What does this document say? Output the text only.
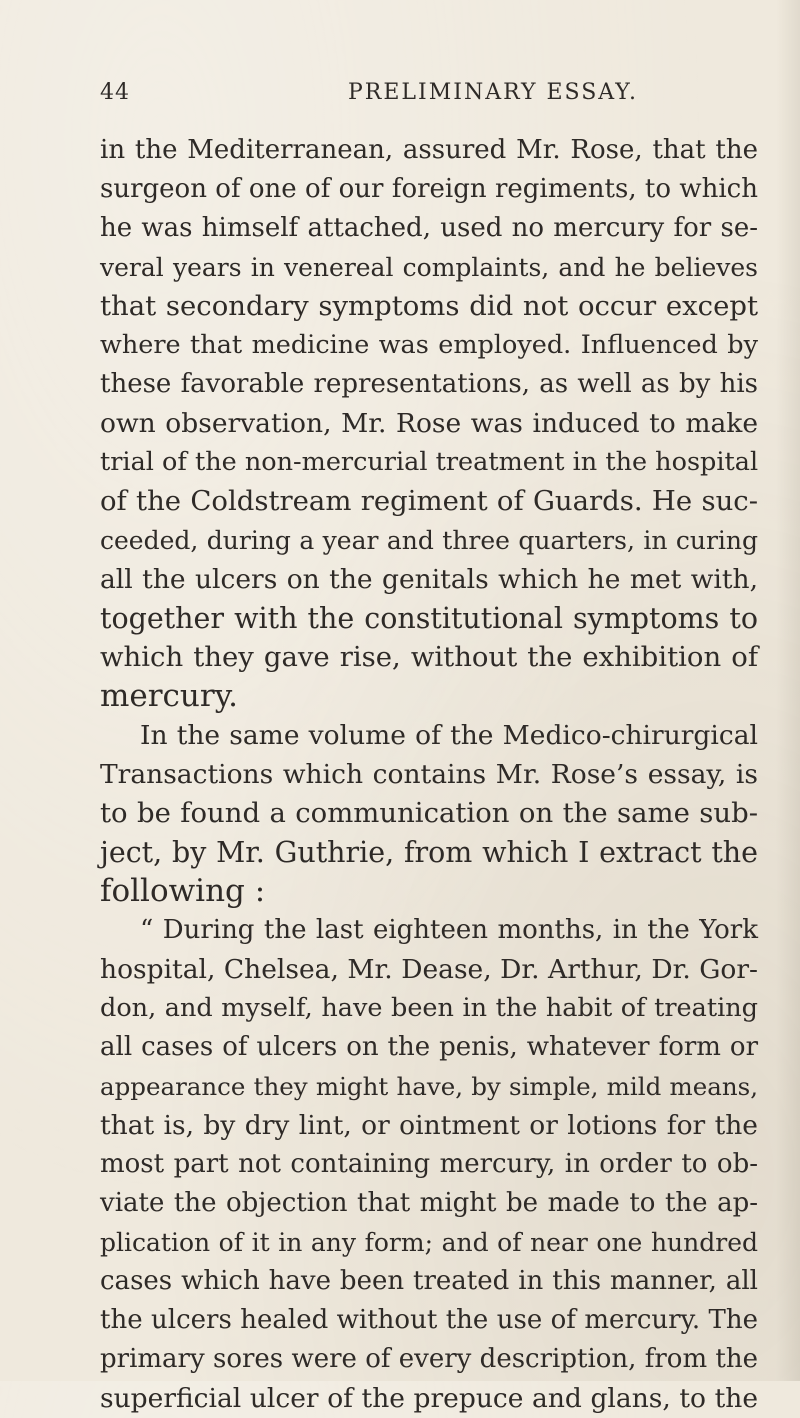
44	PRELIMINARY ESSAY.
in the Mediterranean, assured Mr. Rose, that the
surgeon of one of our foreign regiments, to which
he was himself attached, used no mercury for se-
veral years in venereal complaints, and he believes
that secondary symptoms did not occur except
where that medicine was employed. Influenced by
these favorable representations, as well as by his
own observation, Mr. Rose was induced to make
trial of the non-mercurial treatment in the hospital
of the Coldstream regiment of Guards. He suc-
ceeded, during a year and three quarters, in curing
all the ulcers on the genitals which he met with,
together with the constitutional symptoms to
which they gave rise, without the exhibition of
mercury.
In the same volume of the Medico-chirurgical
Transactions which contains Mr. Rose’s essay, is
to be found a communication on the same sub-
ject, by Mr. Guthrie, from which I extract the
following :
“ During the last eighteen months, in the York
hospital, Chelsea, Mr. Dease, Dr. Arthur, Dr. Gor-
don, and myself, have been in the habit of treating
all cases of ulcers on the penis, whatever form or
appearance they might have, by simple, mild means,
that is, by dry lint, or ointment or lotions for the
most part not containing mercury, in order to ob-
viate the objection that might be made to the ap-
plication of it in any form; and of near one hundred
cases which have been treated in this manner, all
the ulcers healed without the use of mercury. The
primary sores were of every description, from the
superficial ulcer of the prepuce and glans, to the
